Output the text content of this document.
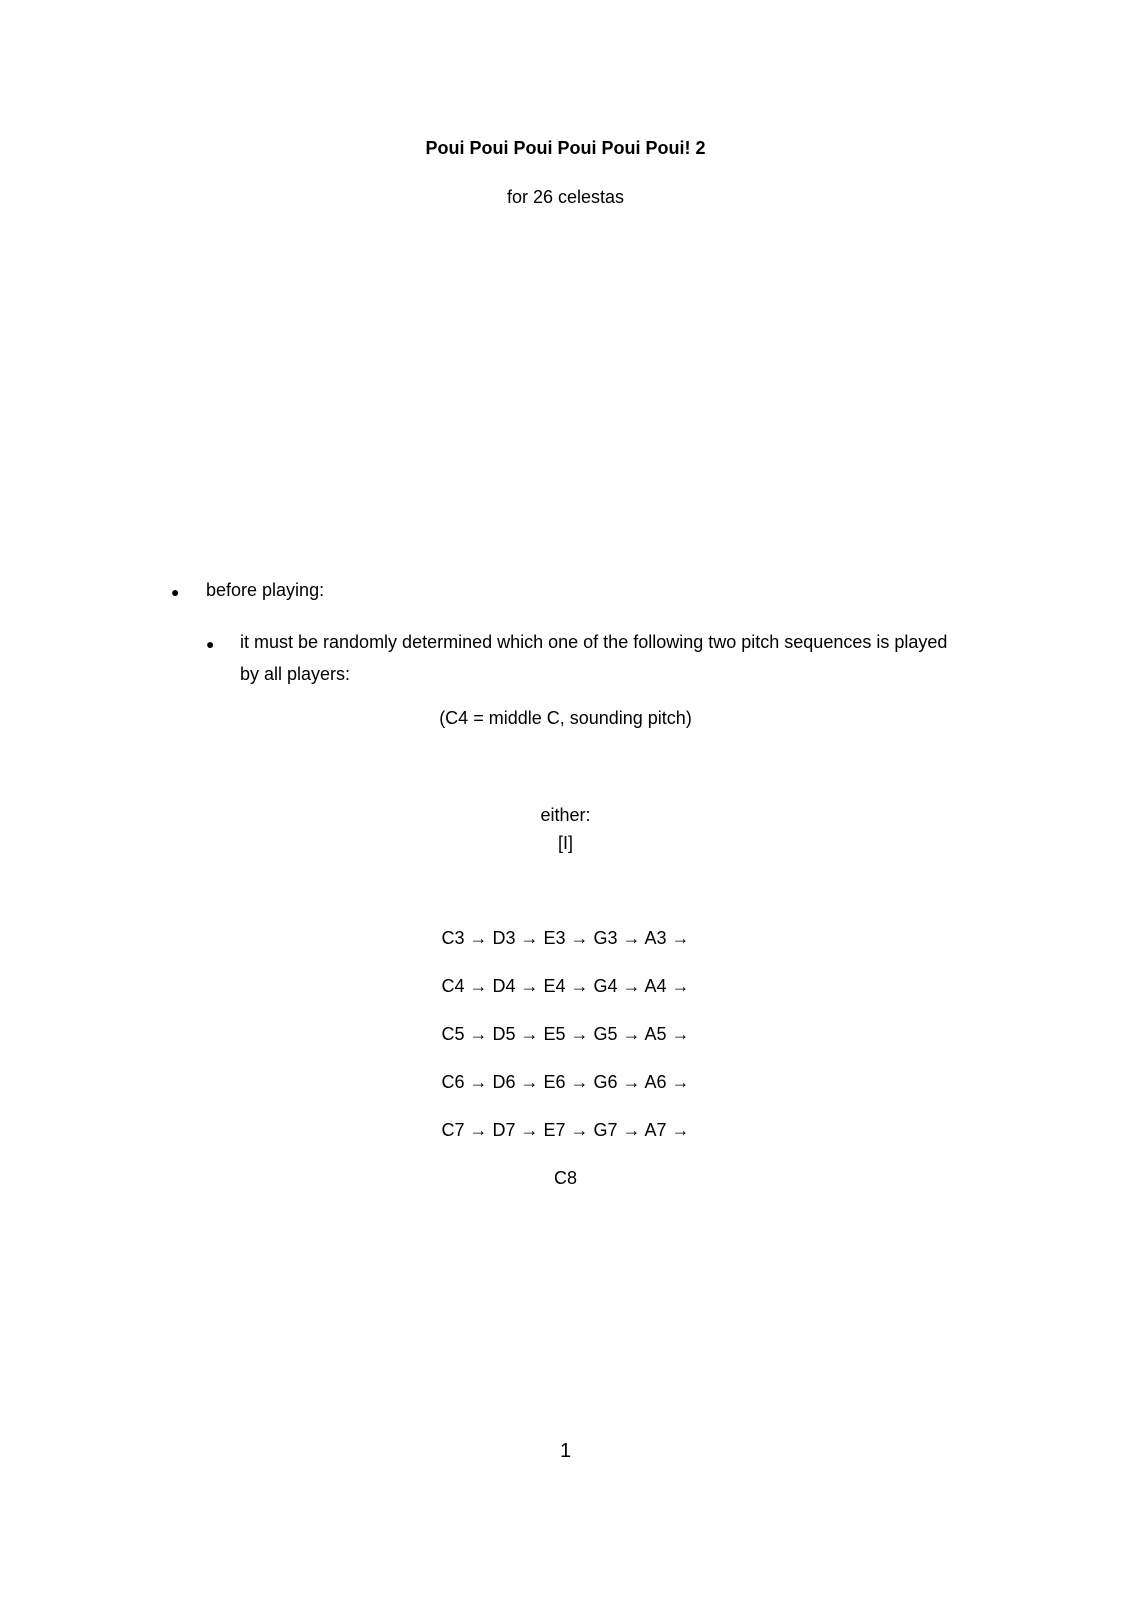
Poui Poui Poui Poui Poui Poui! 2
for 26 celestas
● before playing:
● it must be randomly determined which one of the following two pitch sequences is played by all players:
(C4 = middle C, sounding pitch)
either:
[I]
C3 → D3 → E3 → G3 → A3 →
C4 → D4 → E4 → G4 → A4 →
C5 → D5 → E5 → G5 → A5 →
C6 → D6 → E6 → G6 → A6 →
C7 → D7 → E7 → G7 → A7 →
C8
1
